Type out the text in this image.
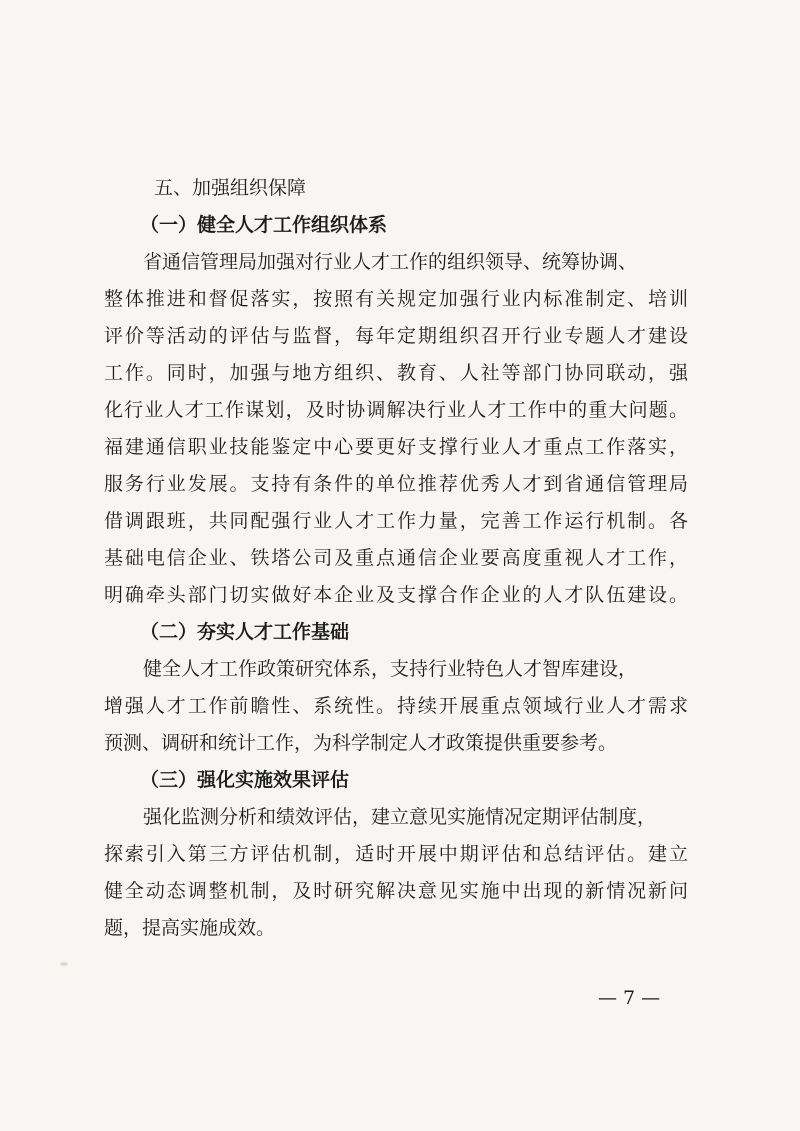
五、加强组织保障
（一）健全人才工作组织体系
省通信管理局加强对行业人才工作的组织领导、统筹协调、
整体推进和督促落实，按照有关规定加强行业内标准制定、培训
评价等活动的评估与监督，每年定期组织召开行业专题人才建设
工作。同时，加强与地方组织、教育、人社等部门协同联动，强
化行业人才工作谋划，及时协调解决行业人才工作中的重大问题。
福建通信职业技能鉴定中心要更好支撑行业人才重点工作落实，
服务行业发展。支持有条件的单位推荐优秀人才到省通信管理局
借调跟班，共同配强行业人才工作力量，完善工作运行机制。各
基础电信企业、铁塔公司及重点通信企业要高度重视人才工作，
明确牵头部门切实做好本企业及支撑合作企业的人才队伍建设。
（二）夯实人才工作基础
健全人才工作政策研究体系，支持行业特色人才智库建设，
增强人才工作前瞻性、系统性。持续开展重点领域行业人才需求
预测、调研和统计工作，为科学制定人才政策提供重要参考。
（三）强化实施效果评估
强化监测分析和绩效评估，建立意见实施情况定期评估制度，
探索引入第三方评估机制，适时开展中期评估和总结评估。建立
健全动态调整机制，及时研究解决意见实施中出现的新情况新问
题，提高实施成效。
— 7 —
